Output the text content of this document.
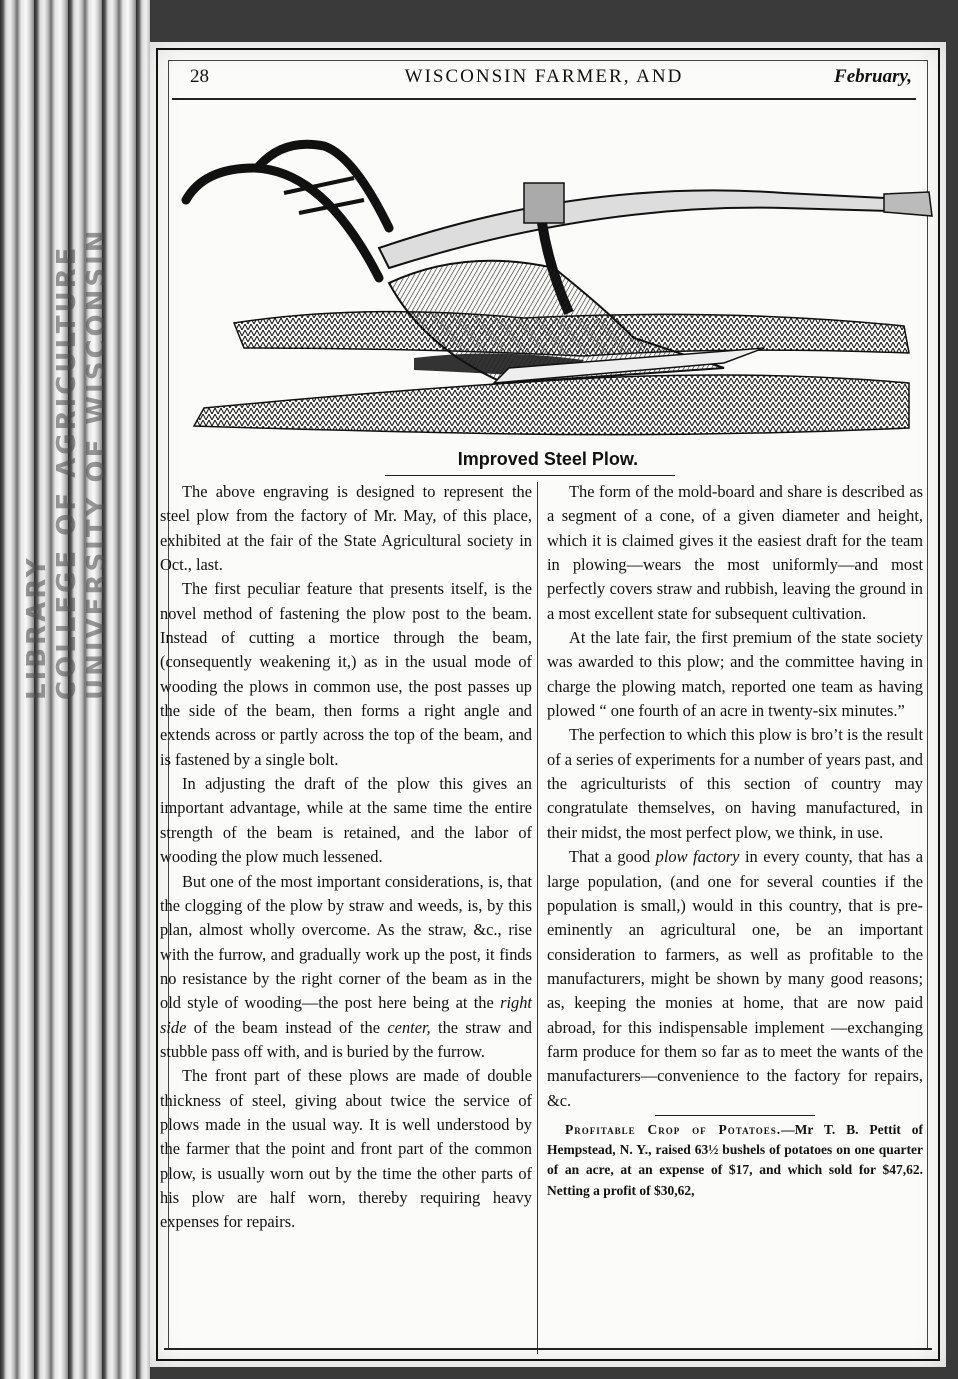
LIBRARY COLLEGE OF AGRICULTURE UNIVERSITY OF WISCONSIN
28	WISCONSIN FARMER, AND	February,
Improved Steel Plow.

The above engraving is designed to represent the steel plow from the factory of Mr. May, of this place, exhibited at the fair of the State Agricultural society in Oct., last.

The first peculiar feature that presents itself, is the novel method of fastening the plow post to the beam. Instead of cutting a mortice through the beam, (consequently weakening it,) as in the usual mode of wooding the plows in common use, the post passes up the side of the beam, then forms a right angle and extends across or partly across the top of the beam, and is fastened by a single bolt.

In adjusting the draft of the plow this gives an important advantage, while at the same time the entire strength of the beam is retained, and the labor of wooding the plow much lessened.

But one of the most important considerations, is, that the clogging of the plow by straw and weeds, is, by this plan, almost wholly overcome. As the straw, &c., rise with the furrow, and gradually work up the post, it finds no resistance by the right corner of the beam as in the old style of wooding—the post here being at the right side of the beam instead of the center, the straw and stubble pass off with, and is buried by the furrow.

The front part of these plows are made of double thickness of steel, giving about twice the service of plows made in the usual way. It is well understood by the farmer that the point and front part of the common plow, is usually worn out by the time the other parts of his plow are half worn, thereby requiring heavy expenses for repairs.

The form of the mold-board and share is described as a segment of a cone, of a given diameter and height, which it is claimed gives it the easiest draft for the team in plowing—wears the most uniformly—and most perfectly covers straw and rubbish, leaving the ground in a most excellent state for subsequent cultivation.

At the late fair, the first premium of the state society was awarded to this plow; and the committee having in charge the plowing match, reported one team as having plowed “ one fourth of an acre in twenty-six minutes.”

The perfection to which this plow is bro’t is the result of a series of experiments for a number of years past, and the agriculturists of this section of country may congratulate themselves, on having manufactured, in their midst, the most perfect plow, we think, in use.

That a good plow factory in every county, that has a large population, (and one for several counties if the population is small,) would in this country, that is pre-eminently an agricultural one, be an important consideration to farmers, as well as profitable to the manufacturers, might be shown by many good reasons; as, keeping the monies at home, that are now paid abroad, for this indispensable implement —exchanging farm produce for them so far as to meet the wants of the manufacturers—convenience to the factory for repairs, &c.

Profitable Crop of Potatoes.—Mr T. B. Pettit of Hempstead, N. Y., raised 63½ bushels of potatoes on one quarter of an acre, at an expense of $17, and which sold for $47,62. Netting a profit of $30,62,
